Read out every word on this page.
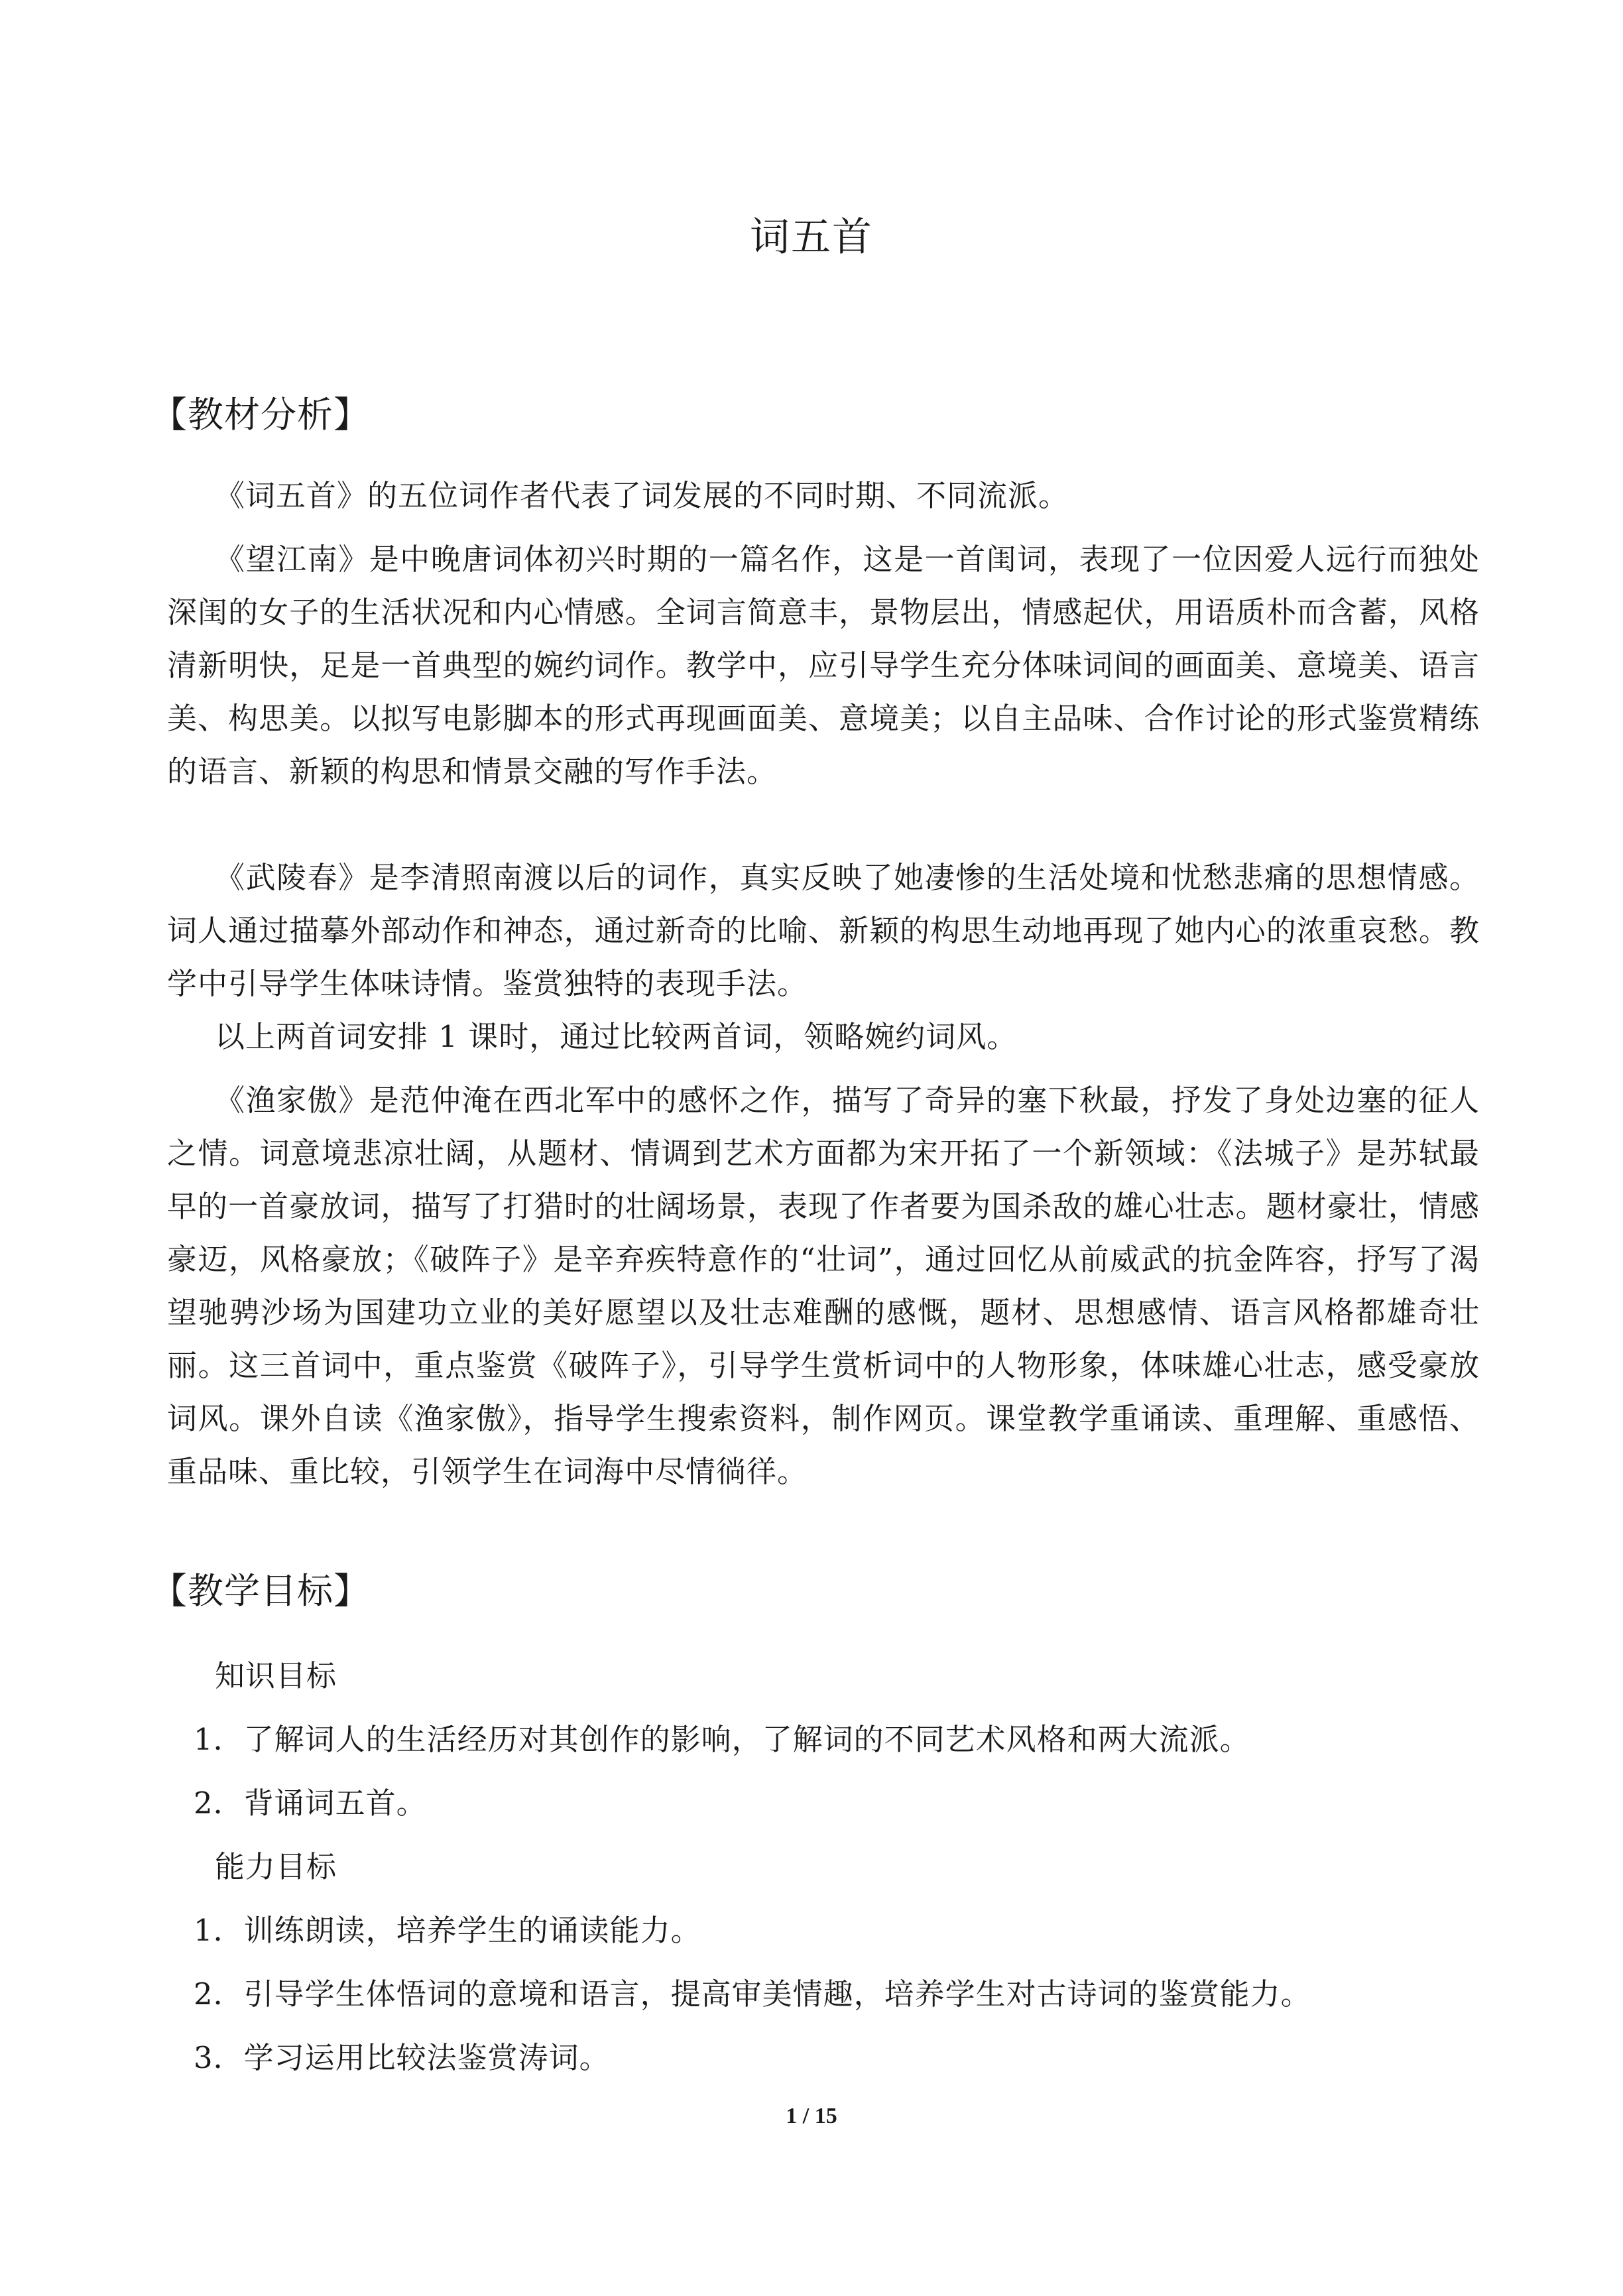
词五首
【教材分析】
《词五首》的五位词作者代表了词发展的不同时期、不同流派。
《望江南》是中晚唐词体初兴时期的一篇名作，这是一首闺词，表现了一位因爱人远行而独处深闺的女子的生活状况和内心情感。全词言简意丰，景物层出，情感起伏，用语质朴而含蓄，风格清新明快，足是一首典型的婉约词作。教学中，应引导学生充分体味词间的画面美、意境美、语言美、构思美。以拟写电影脚本的形式再现画面美、意境美；以自主品味、合作讨论的形式鉴赏精练的语言、新颖的构思和情景交融的写作手法。
《武陵春》是李清照南渡以后的词作，真实反映了她凄惨的生活处境和忧愁悲痛的思想情感。词人通过描摹外部动作和神态，通过新奇的比喻、新颖的构思生动地再现了她内心的浓重哀愁。教学中引导学生体味诗情。鉴赏独特的表现手法。
以上两首词安排 1 课时，通过比较两首词，领略婉约词风。
《渔家傲》是范仲淹在西北军中的感怀之作，描写了奇异的塞下秋最，抒发了身处边塞的征人之情。词意境悲凉壮阔，从题材、情调到艺术方面都为宋开拓了一个新领域：《法城子》是苏轼最早的一首豪放词，描写了打猎时的壮阔场景，表现了作者要为国杀敌的雄心壮志。题材豪壮，情感豪迈，风格豪放；《破阵子》是辛弃疾特意作的“壮词”，通过回忆从前威武的抗金阵容，抒写了渴望驰骋沙场为国建功立业的美好愿望以及壮志难酬的感慨，题材、思想感情、语言风格都雄奇壮丽。这三首词中，重点鉴赏《破阵子》，引导学生赏析词中的人物形象，体味雄心壮志，感受豪放词风。课外自读《渔家傲》，指导学生搜索资料，制作网页。课堂教学重诵读、重理解、重感悟、重品味、重比较，引领学生在词海中尽情徜徉。
【教学目标】
知识目标
1．了解词人的生活经历对其创作的影响，了解词的不同艺术风格和两大流派。
2．背诵词五首。
能力目标
1．训练朗读，培养学生的诵读能力。
2．引导学生体悟词的意境和语言，提高审美情趣，培养学生对古诗词的鉴赏能力。
3．学习运用比较法鉴赏涛词。
1 / 15
